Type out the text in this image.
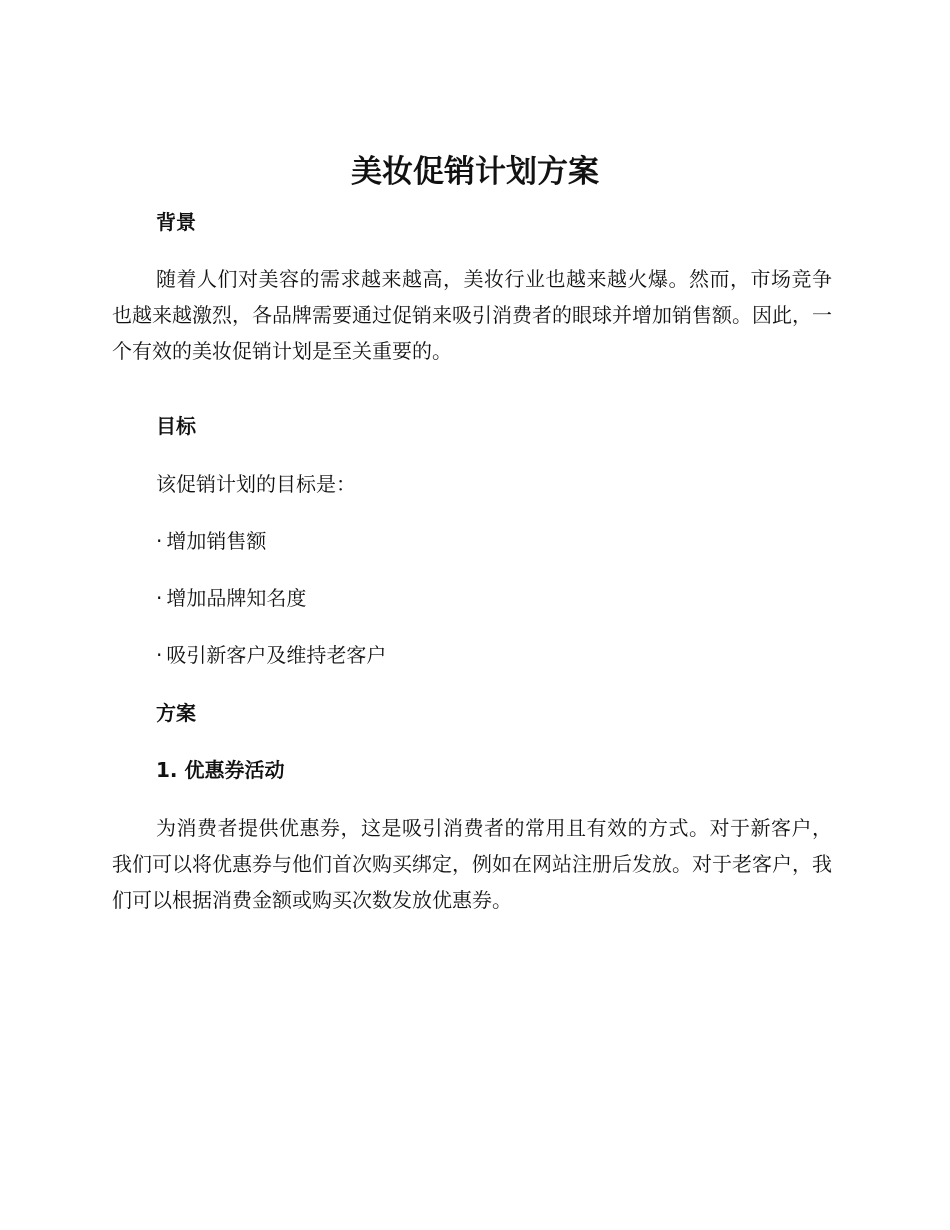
美妆促销计划方案
背景

随着人们对美容的需求越来越高，美妆行业也越来越火爆。然而，市场竞争也越来越激烈，各品牌需要通过促销来吸引消费者的眼球并增加销售额。因此，一个有效的美妆促销计划是至关重要的。

目标

该促销计划的目标是：

· 增加销售额
· 增加品牌知名度
· 吸引新客户及维持老客户
方案
1. 优惠券活动

为消费者提供优惠券，这是吸引消费者的常用且有效的方式。对于新客户，我们可以将优惠券与他们首次购买绑定，例如在网站注册后发放。对于老客户，我们可以根据消费金额或购买次数发放优惠券。
